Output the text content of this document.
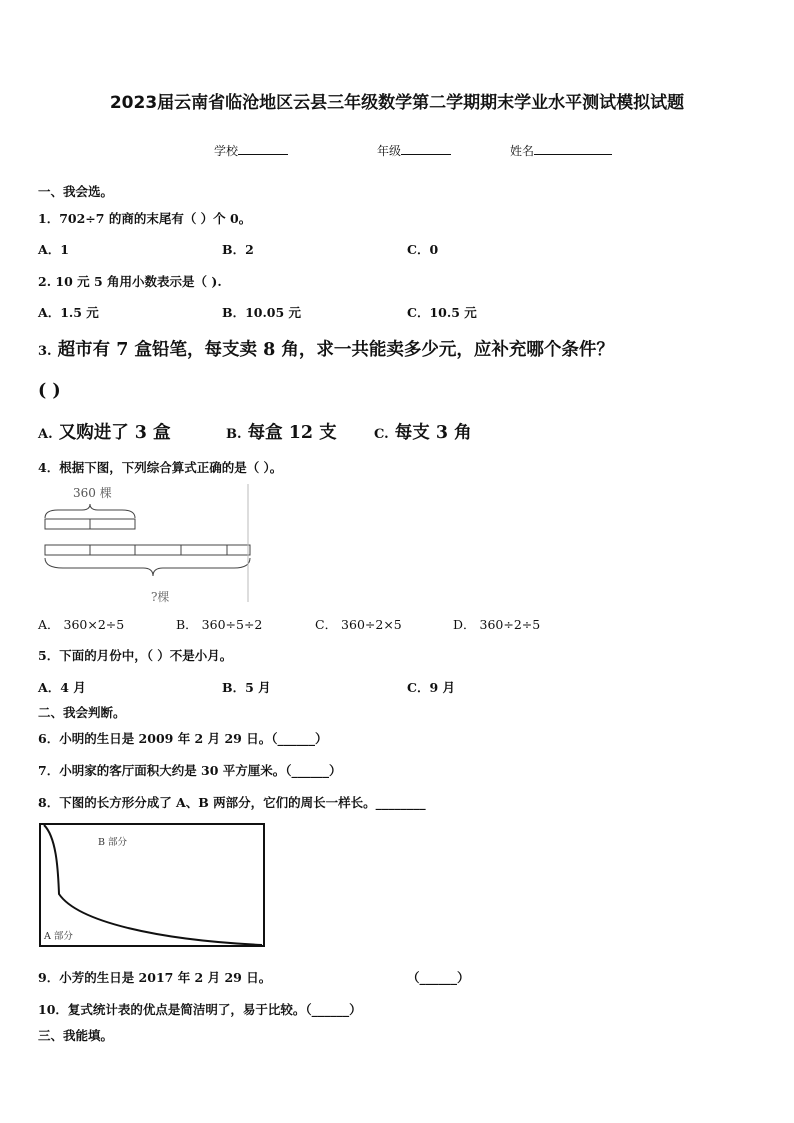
2023届云南省临沧地区云县三年级数学第二学期期末学业水平测试模拟试题
学校	年级	姓名
一、我会选。
1．702÷7 的商的末尾有（ ）个 0。
A．1	B．2	C．0
2. 10 元 5 角用小数表示是（ ).
A．1.5 元	B．10.05 元	C．10.5 元
3. 超市有 7 盒铅笔，每支卖 8 角，求一共能卖多少元，应补充哪个条件？
( )
A. 又购进了 3 盒	B. 每盒 12 支	C. 每支 3 角
4．根据下图，下列综合算式正确的是（ ）。
360 棵
?棵
A． 360×2÷5	B． 360÷5÷2	C． 360÷2×5	D． 360÷2÷5
5．下面的月份中，（ ）不是小月。
A．4 月	B．5 月	C．9 月
二、我会判断。
6．小明的生日是 2009 年 2 月 29 日。（______）
7．小明家的客厅面积大约是 30 平方厘米。（______）
8．下图的长方形分成了 A、B 两部分，它们的周长一样长。________
B 部分
A 部分
9．小芳的生日是 2017 年 2 月 29 日。	（______）
10．复式统计表的优点是简洁明了，易于比较。（______）
三、我能填。
